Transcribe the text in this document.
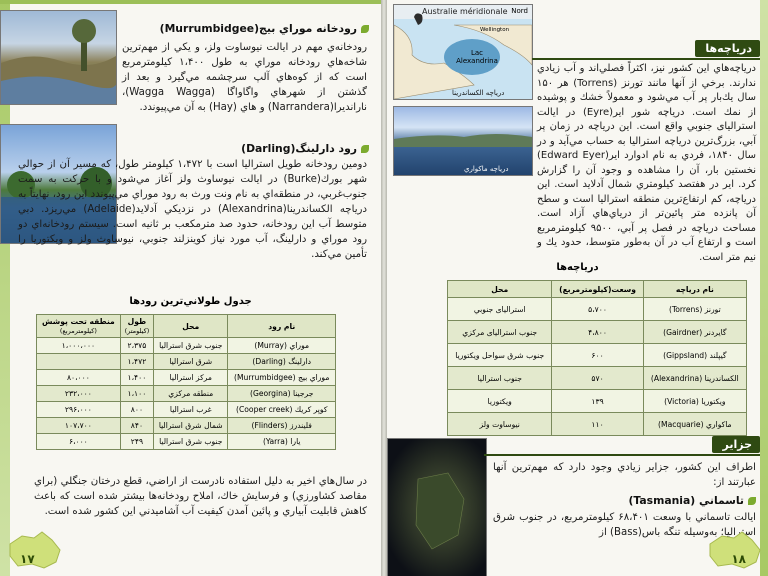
رودخانه موراي بيج(Murrumbidgee)
رودخانه‌ي مهم در ايالت نيوساوت ولز، و يكي از مهم‌ترين شاخه‌هاي رودخانه موراي به طول ۱،۴۰۰ كيلومترمربع است كه از كوه‌هاي آلپ سرچشمه مي‌گيرد و بعد از گذشتن از شهرهاي واگاواگا (Wagga Wagga)، نارانديرا(Narrandera) و هاي (Hay) به آن مي‌پيوندد.
رود دارلينگ(Darling)
دومين رودخانه طويل استراليا است با ۱،۴۷۲ كيلومتر طول، كه مسير آن از حوالي شهر بورك(Burke) در ايالت نيوساوث ولز آغاز مي‌شود و با حركت به سمت جنوب‌غربي، در منطقه‌اي به نام ونت ورث به رود موراي مي‌پيوندد اين رود، نهايتاً به درياچه الكساندرينا(Alexandrina) در نزديكي آدلايد(Adelaide) مي‌ريزد. دبي متوسط آب اين رودخانه، حدود صد مترمكعب بر ثانيه است. سيستم رودخانه‌اي دو رود موراي و دارلينگ، آب مورد نياز كوينزلند جنوبي، نيوساوث ولز و ويكتوريا را تأمين مي‌كند.
جدول طولاني‌ترين رودها
نام رود	محل	طول
(كيلومتر)	منطقه تحت پوشش
(كيلومترمربع)
موراي (Murray)	جنوب شرق استراليا	۲،۳۷۵	۱،۰۰۰،۰۰۰
دارلينگ (Darling)	شرق استراليا	۱،۴۷۲	
موراي بيج (Murrumbidgee)	مركز استراليا	۱،۴۰۰	۸۰،۰۰۰
جرجينا (Georgina)	منطقه مركزي	۱،۱۰۰	۲۳۲،۰۰۰
كوپر كريك (Cooper creek)	غرب استراليا	۸۰۰	۲۹۶،۰۰۰
فليندرز (Flinders)	شمال شرق استراليا	۸۴۰	۱۰۷،۷۰۰
يارا (Yarra)	جنوب شرق استراليا	۲۴۹	۶،۰۰۰
در سال‌هاي اخير به دليل استفاده نادرست از اراضي، قطع درختان جنگلي (براي مقاصد كشاورزي) و فرسايش خاك، املاح رودخانه‌ها بيشتر شده است كه باعث كاهش قابليت آبياري و پائين آمدن كيفيت آب آشاميدني اين كشور شده است.
۱۷
Australie méridionale Nord
Wellington
Lac Alexandrina
درياچه الكساندرينا
درياچه ماكواري
درياچه‌ها
درياچه‌هاي اين كشور نيز، اكثراً فصلي‌اند و آب زيادي ندارند. برخي از آنها مانند تورنز (Torrens) هر ۱۵۰ سال يك‌بار پر آب مي‌شود و معمولاً خشك و پوشيده از نمك است. درياچه شور اير(Eyre) در ايالت استراليای جنوبي واقع است. اين درياچه در زمان پر آبي، بزرگ‌ترين درياچه استراليا به حساب مي‌آيد و در سال ۱۸۴۰، فردي به نام ادوارد اير(Edward Eyer) نخستين بار، آن را مشاهده و وجود آن را گزارش كرد. اير در هفتصد كيلومتري شمال آدلايد است. اين درياچه، كم ارتفاع‌ترين منطقه استراليا است و سطح آن پانزده متر پائين‌تر از درياي‌هاي آزاد است. مساحت درياچه در فصل پر آبي، ۹۵۰۰ كيلومترمربع است و ارتفاع آب در آن به‌طور متوسط، حدود يك و نيم متر است.
درياچه‌ها
نام درياچه	وسعت(كيلومترمربع)	محل
تورنز (Torrens)	۵،۷۰۰	استراليای جنوبي
گايردنر (Gairdner)	۴،۸۰۰	جنوب استراليای مركزي
گيپلند (Gippsland)	۶۰۰	جنوب شرق سواحل ويكتوريا
الكساندرينا (Alexandrina)	۵۷۰	جنوب استراليا
ويكتوريا (Victoria)	۱۳۹	ويكتوريا
ماكواري (Macquarie)	۱۱۰	نيوساوت ولز
جزاير
اطراف اين كشور، جزاير زيادي وجود دارد كه مهم‌ترين آنها عبارتند از:
تاسماني (Tasmania)
ايالت تاسماني با وسعت ۶۸،۴۰۱ كيلومترمربع، در جنوب شرق استراليا؛ به‌وسيله تنگه باس(Bass) از
۱۸
